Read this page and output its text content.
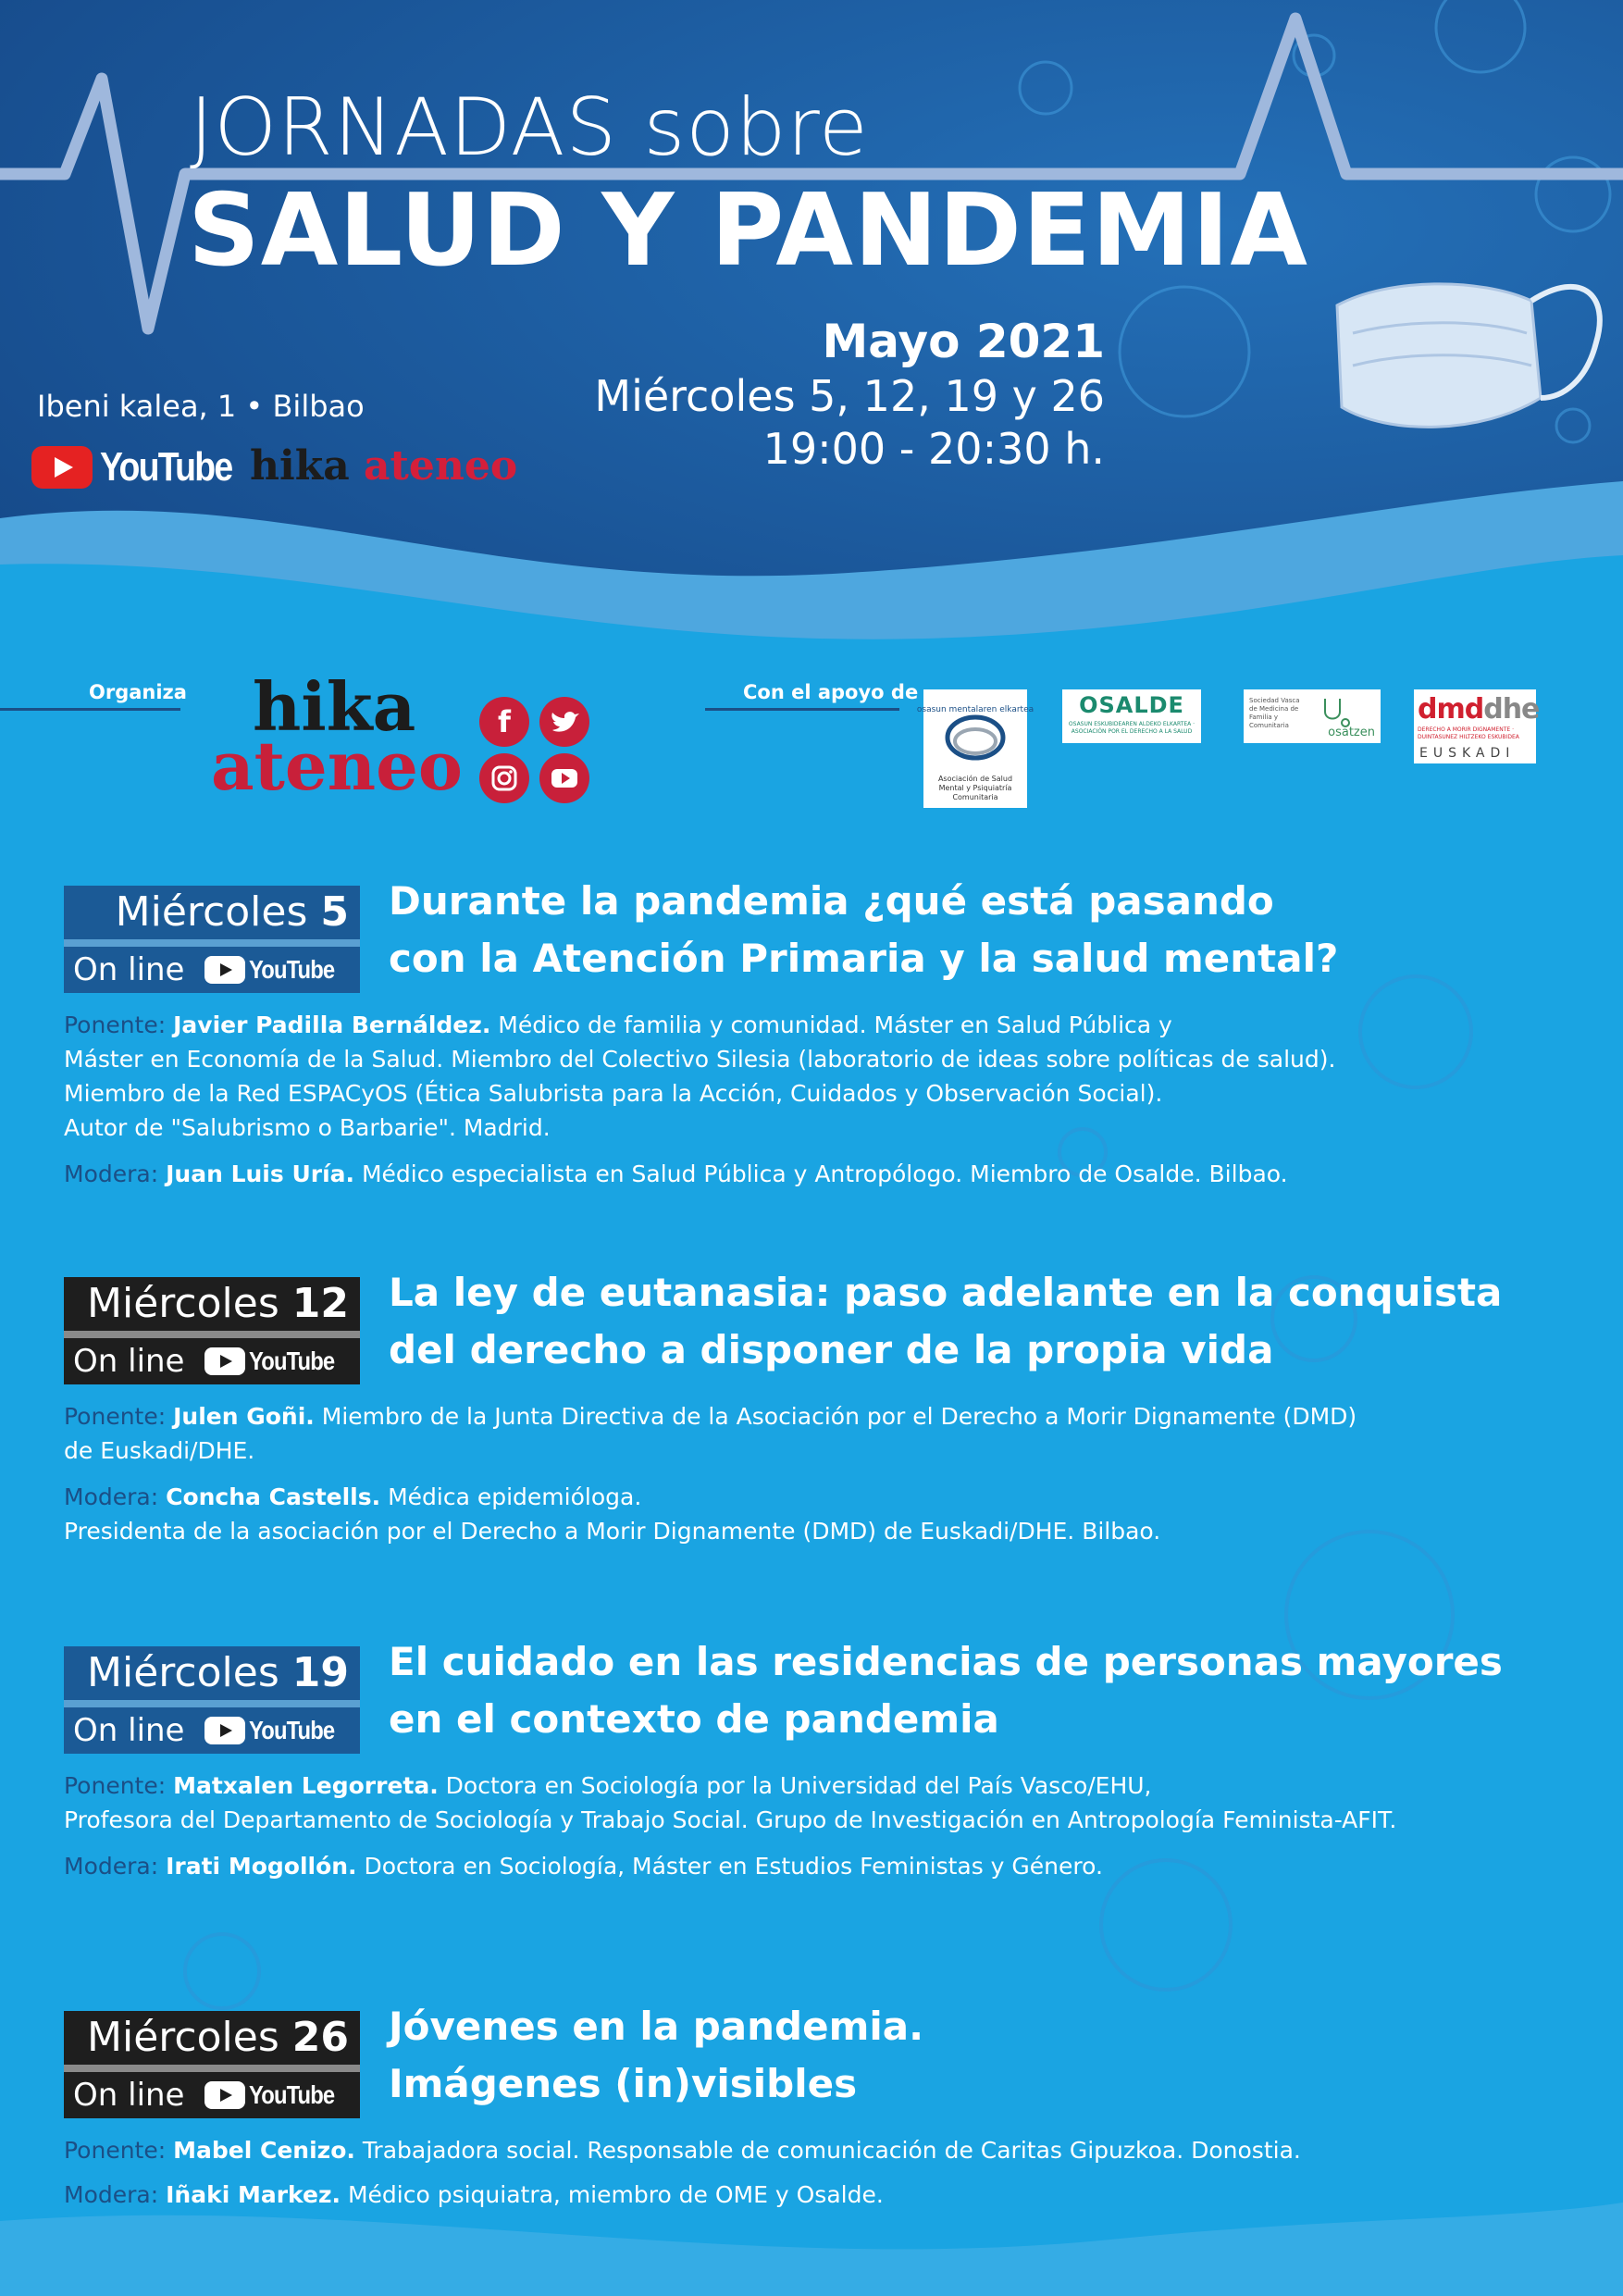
JORNADAS sobre
SALUD Y PANDEMIA
Mayo 2021
Miércoles 5, 12, 19 y 26
19:00 - 20:30 h.
Ibeni kalea, 1 • Bilbao
YouTube hika ateneo
Organiza hika
ateneo
f
Con el apoyo de
osasun mentalaren elkartea
Asociación de Salud Mental y Psiquiatría Comunitaria
OSALDE
OSASUN ESKUBIDEAREN ALDEKO ELKARTEA · ASOCIACIÓN POR EL DERECHO A LA SALUD
Sociedad Vasca de Medicina de Familia y Comunitaria	osatzen
dmddhe
DERECHO A MORIR DIGNAMENTE · DUINTASUNEZ HILTZEKO ESKUBIDEA
EUSKADI
Miércoles 5
On line	YouTube
Durante la pandemia ¿qué está pasando
con la Atención Primaria y la salud mental?
Ponente: Javier Padilla Bernáldez. Médico de familia y comunidad. Máster en Salud Pública y
Máster en Economía de la Salud. Miembro del Colectivo Silesia (laboratorio de ideas sobre políticas de salud).
Miembro de la Red ESPACyOS (Ética Salubrista para la Acción, Cuidados y Observación Social).
Autor de "Salubrismo o Barbarie". Madrid.
Modera: Juan Luis Uría. Médico especialista en Salud Pública y Antropólogo. Miembro de Osalde. Bilbao.
Miércoles 12
On line	YouTube
La ley de eutanasia: paso adelante en la conquista
del derecho a disponer de la propia vida
Ponente: Julen Goñi. Miembro de la Junta Directiva de la Asociación por el Derecho a Morir Dignamente (DMD)
de Euskadi/DHE.
Modera: Concha Castells. Médica epidemióloga.
Presidenta de la asociación por el Derecho a Morir Dignamente (DMD) de Euskadi/DHE. Bilbao.
Miércoles 19
On line	YouTube
El cuidado en las residencias de personas mayores
en el contexto de pandemia
Ponente: Matxalen Legorreta. Doctora en Sociología por la Universidad del País Vasco/EHU,
Profesora del Departamento de Sociología y Trabajo Social. Grupo de Investigación en Antropología Feminista-AFIT.
Modera: Irati Mogollón. Doctora en Sociología, Máster en Estudios Feministas y Género.
Miércoles 26
On line	YouTube
Jóvenes en la pandemia.
Imágenes (in)visibles
Ponente: Mabel Cenizo. Trabajadora social. Responsable de comunicación de Caritas Gipuzkoa. Donostia.
Modera: Iñaki Markez. Médico psiquiatra, miembro de OME y Osalde.
